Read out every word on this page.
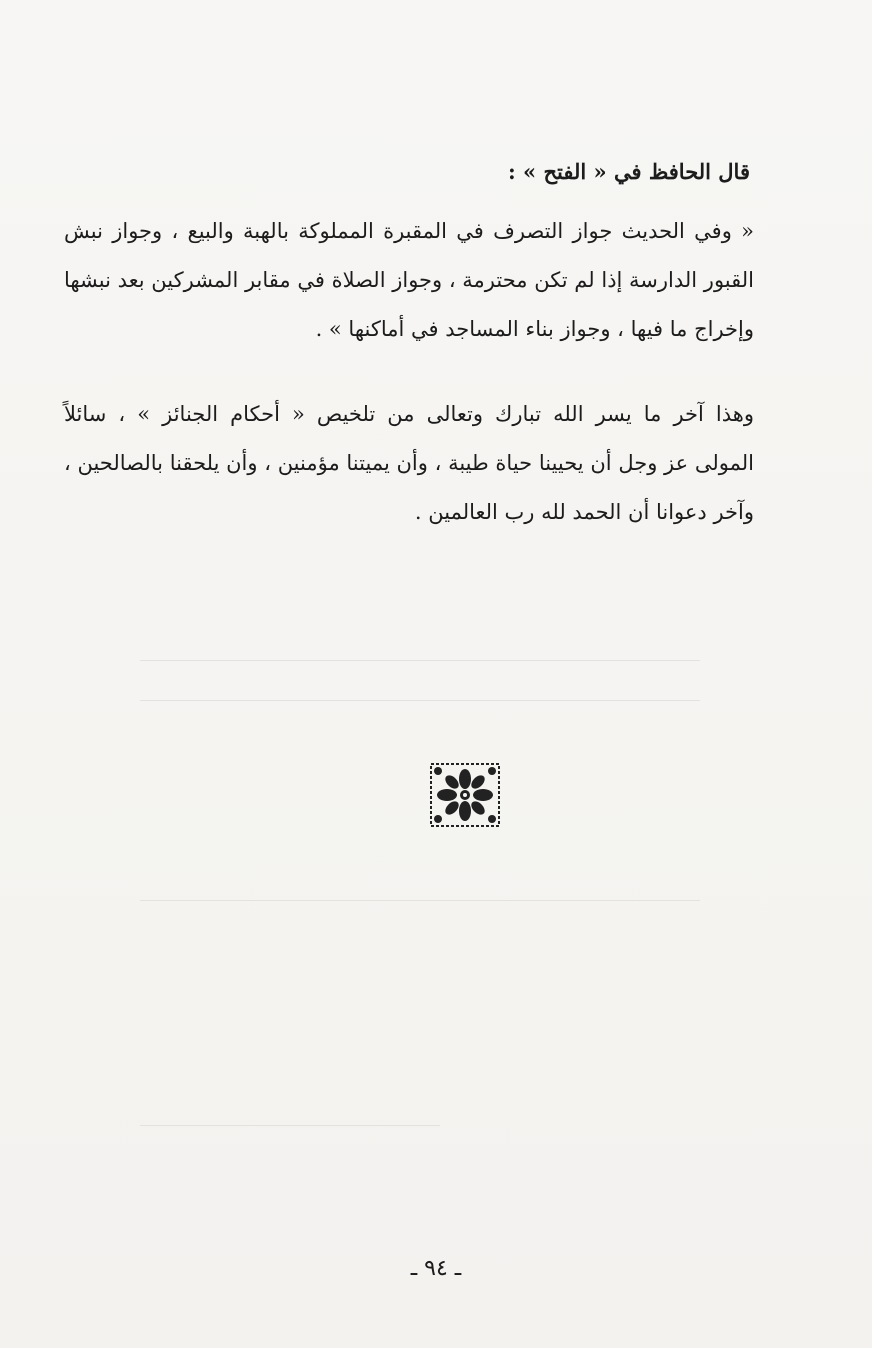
قال الحافظ في « الفتح » :
« وفي الحديث جواز التصرف في المقبرة المملوكة بالهبة والبيع ، وجواز نبش
القبور الدارسة إذا لم تكن محترمة ، وجواز الصلاة في مقابر المشركين بعد نبشها
وإخراج ما فيها ، وجواز بناء المساجد في أماكنها » .
وهذا آخر ما يسر الله تبارك وتعالى من تلخيص « أحكام الجنائز » ، سائلاً
المولى عز وجل أن يحيينا حياة طيبة ، وأن يميتنا مؤمنين ، وأن يلحقنا بالصالحين ،
وآخر دعوانا أن الحمد لله رب العالمين .
ـ ٩٤ ـ
